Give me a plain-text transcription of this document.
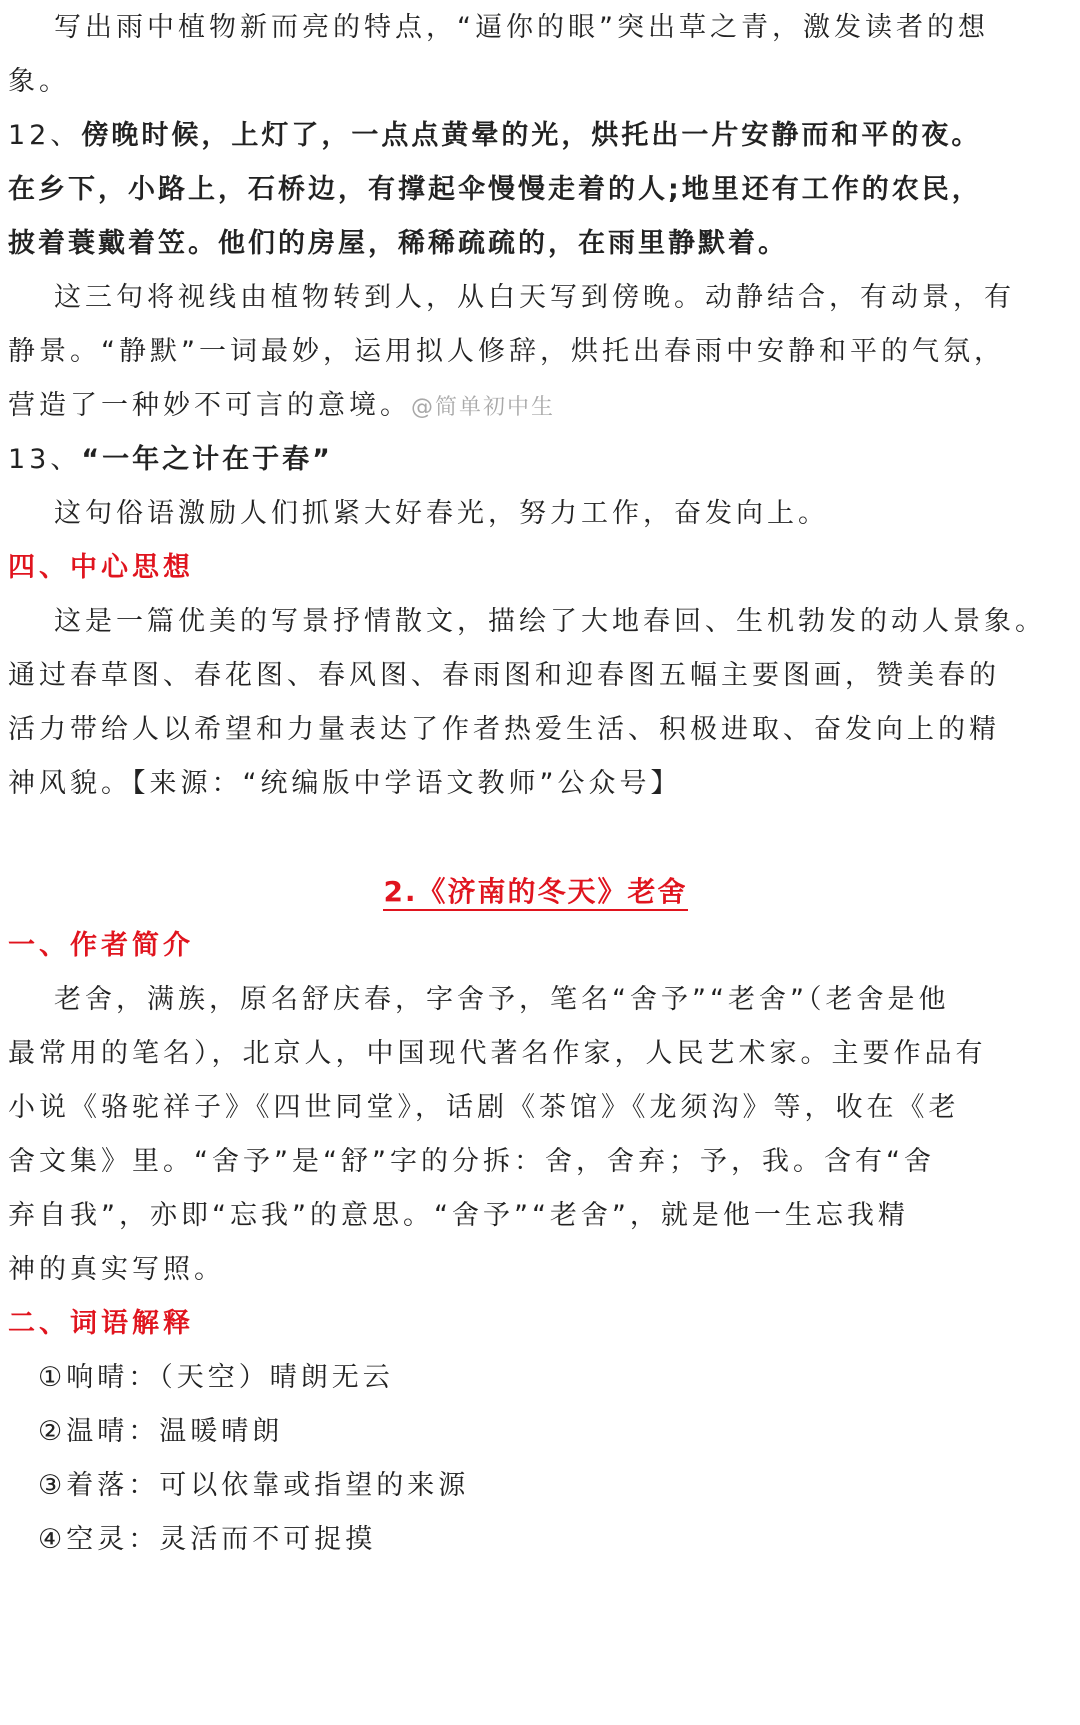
写出雨中植物新而亮的特点，“逼你的眼”突出草之青，激发读者的想
象。
12、傍晚时候，上灯了，一点点黄晕的光，烘托出一片安静而和平的夜。
在乡下，小路上，石桥边，有撑起伞慢慢走着的人;地里还有工作的农民，
披着蓑戴着笠。他们的房屋，稀稀疏疏的，在雨里静默着。
这三句将视线由植物转到人，从白天写到傍晚。动静结合，有动景，有
静景。“静默”一词最妙，运用拟人修辞，烘托出春雨中安静和平的气氛，
营造了一种妙不可言的意境。@简单初中生
13、“一年之计在于春”
这句俗语激励人们抓紧大好春光，努力工作，奋发向上。
四、中心思想
这是一篇优美的写景抒情散文，描绘了大地春回、生机勃发的动人景象。
通过春草图、春花图、春风图、春雨图和迎春图五幅主要图画，赞美春的
活力带给人以希望和力量表达了作者热爱生活、积极进取、奋发向上的精
神风貌。【来源：“统编版中学语文教师”公众号】
2.《济南的冬天》老舍
一、作者简介
老舍，满族，原名舒庆春，字舍予，笔名“舍予”“老舍”（老舍是他
最常用的笔名），北京人，中国现代著名作家，人民艺术家。主要作品有
小说《骆驼祥子》《四世同堂》，话剧《茶馆》《龙须沟》等，收在《老
舍文集》里。“舍予”是“舒”字的分拆：舍，舍弃；予，我。含有“舍
弃自我”，亦即“忘我”的意思。“舍予”“老舍”，就是他一生忘我精
神的真实写照。
二、词语解释
①响晴：（天空）晴朗无云
②温晴：温暖晴朗
③着落：可以依靠或指望的来源
④空灵：灵活而不可捉摸
